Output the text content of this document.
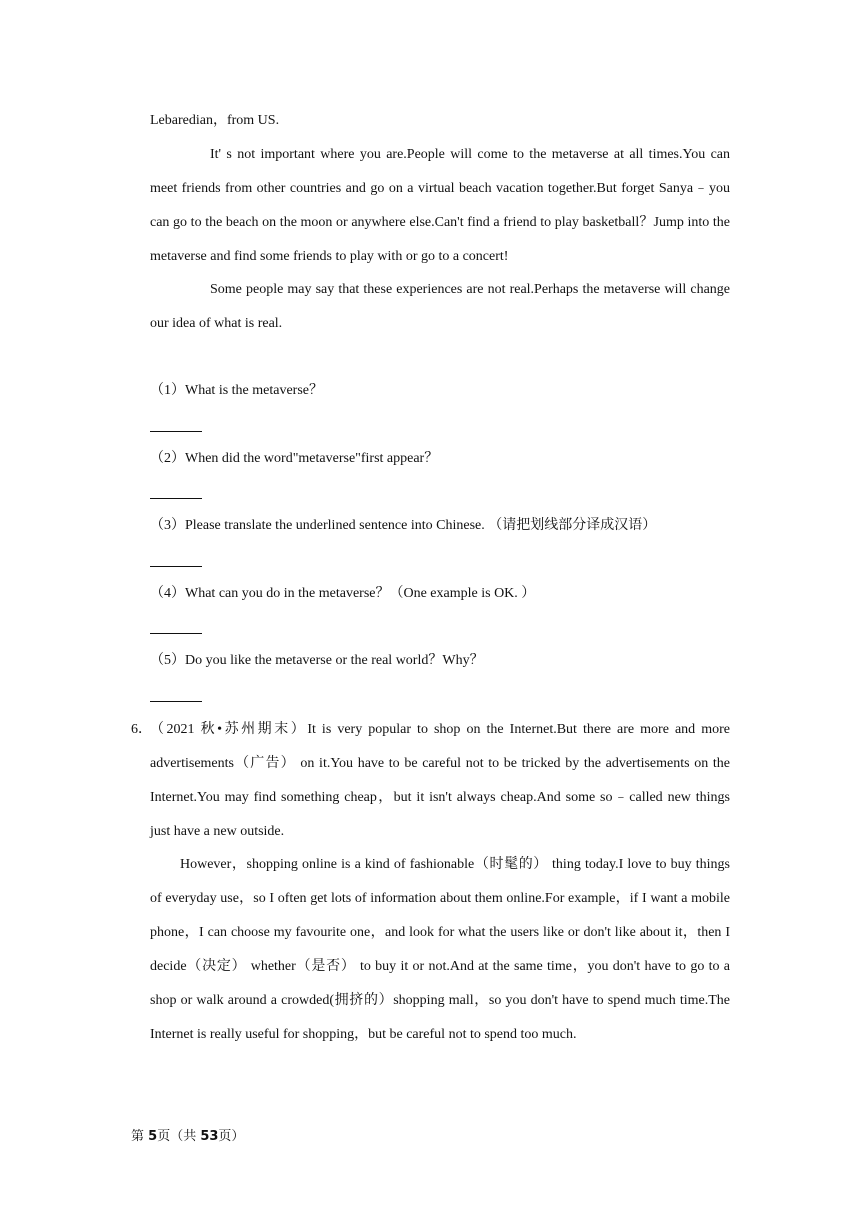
Lebaredian，from US.

It' s not important where you are.People will come to the metaverse at all times.You can meet friends from other countries and go on a virtual beach vacation together.But forget Sanya﹣you can go to the beach on the moon or anywhere else.Can't find a friend to play basketball？Jump into the metaverse and find some friends to play with or go to a concert!

Some people may say that these experiences are not real.Perhaps the metaverse will change our idea of what is real.

（1）What is the metaverse？

（2）When did the word"metaverse"first appear？

（3）Please translate the underlined sentence into Chinese. （请把划线部分译成汉语）

（4）What can you do in the metaverse？（One example is OK. ）

（5）Do you like the metaverse or the real world？Why？

6．

（2021 秋•苏州期末）It is very popular to shop on the Internet.But there are more and more advertisements（广告） on it.You have to be careful not to be tricked by the advertisements on the Internet.You may find something cheap，but it isn't always cheap.And some so﹣called new things just have a new outside.

However，shopping online is a kind of fashionable（时髦的） thing today.I love to buy things of everyday use，so I often get lots of information about them online.For example，if I want a mobile phone，I can choose my favourite one，and look for what the users like or don't like about it，then I decide（决定） whether（是否） to buy it or not.And at the same time，you don't have to go to a shop or walk around a crowded(拥挤的）shopping mall，so you don't have to spend much time.The Internet is really useful for shopping，but be careful not to spend too much.

第 5页（共 53页）
